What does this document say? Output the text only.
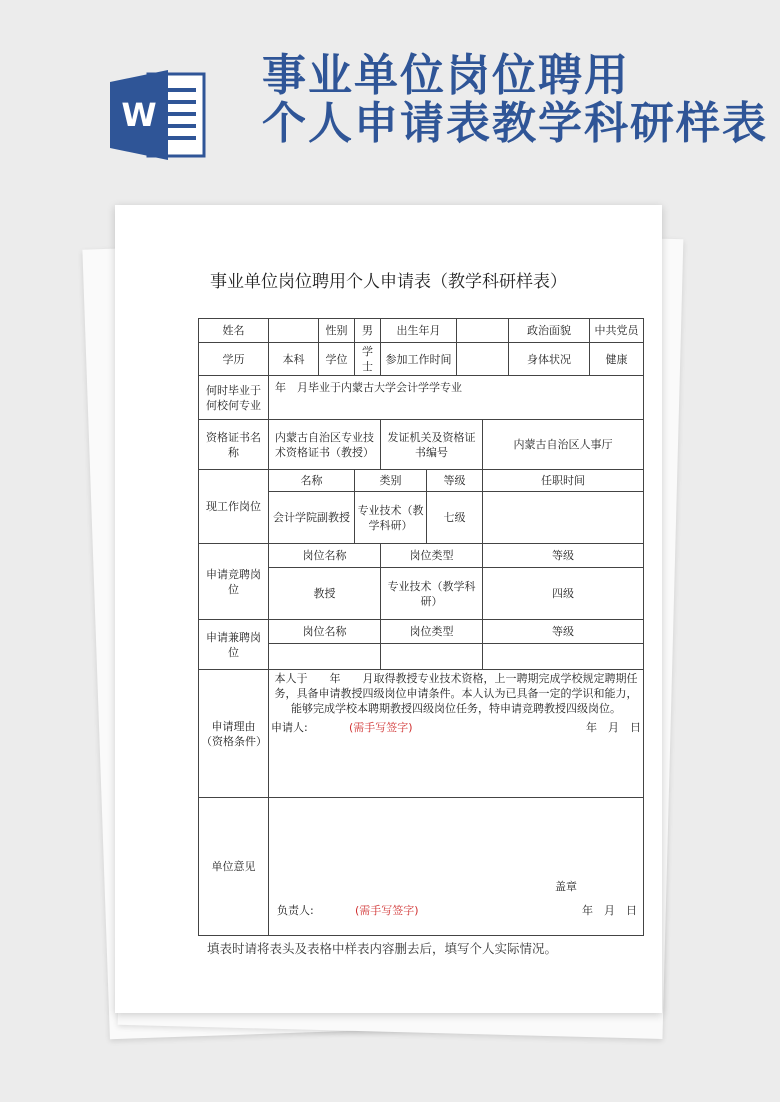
W
事业单位岗位聘用
个人申请表教学科研样表
事业单位岗位聘用个人申请表（教学科研样表）
姓名		性别	男	出生年月				政治面貌	中共党员
学历	本科	学位	学士	参加工作时间				身体状况	健康
何时毕业于何校何专业	年　月毕业于内蒙古大学会计学学专业								
资格证书名称	内蒙古自治区专业技术资格证书（教授）			发证机关及资格证书编号			内蒙古自治区人事厅		
现工作岗位	名称		类别		等级		任职时间		
	会计学院副教授		专业技术（教学科研）		七级				
申请竞聘岗位	岗位名称			岗位类型			等级		
	教授			专业技术（教学科研）			四级		
申请兼聘岗位	岗位名称			岗位类型			等级		

申请理由（资格条件）	本人于　　年　　月取得教授专业技术资格，上一聘期完成学校规定聘期任务，具备申请教授四级岗位申请条件。本人认为已具备一定的学识和能力，能够完成学校本聘期教授四级岗位任务，特申请竞聘教授四级岗位。
申请人: (需手写签字) 年　月　日								

单位意见	盖章
负责人: (需手写签字) 年　月　日								
填表时请将表头及表格中样表内容删去后，填写个人实际情况。
